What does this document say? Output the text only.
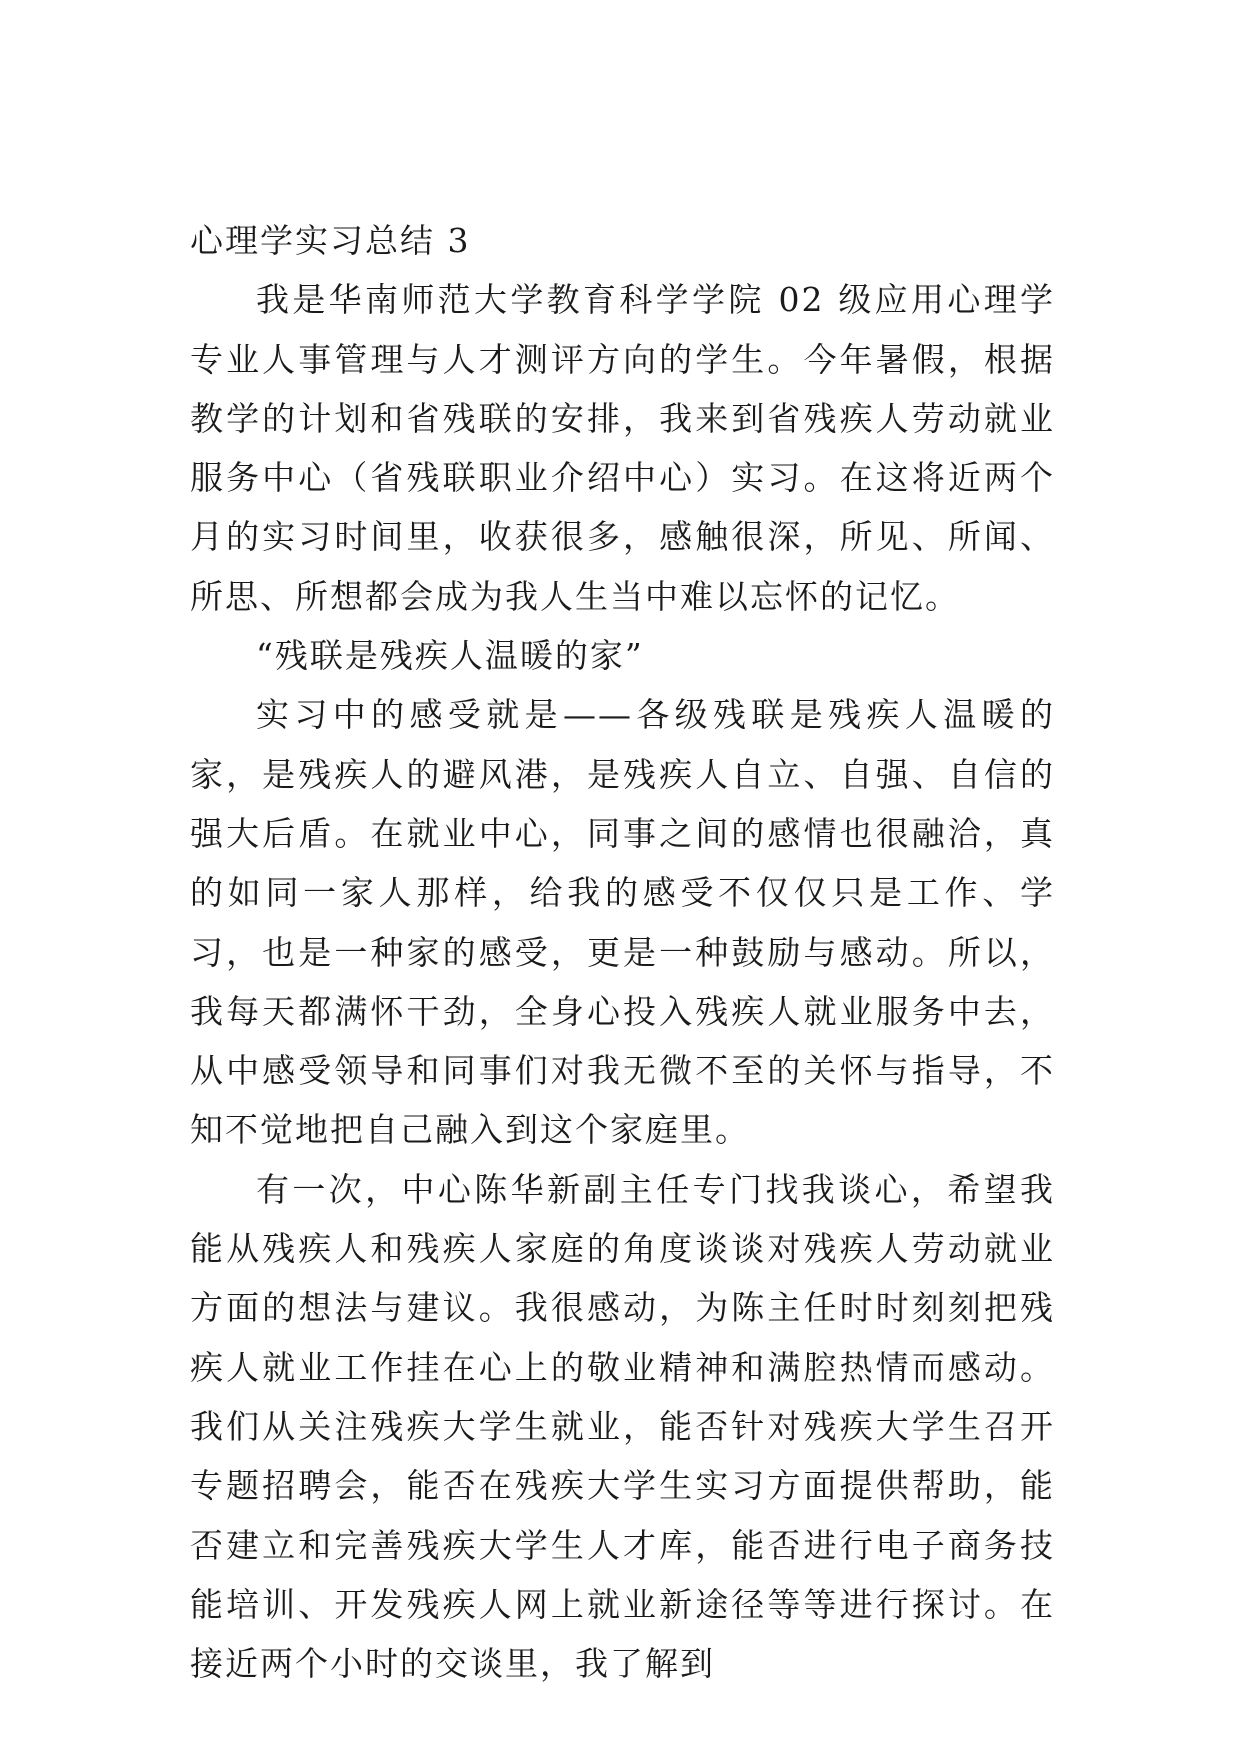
心理学实习总结 3

我是华南师范大学教育科学学院 02 级应用心理学专业人事管理与人才测评方向的学生。今年暑假，根据教学的计划和省残联的安排，我来到省残疾人劳动就业服务中心（省残联职业介绍中心）实习。在这将近两个月的实习时间里，收获很多，感触很深，所见、所闻、所思、所想都会成为我人生当中难以忘怀的记忆。

“残联是残疾人温暖的家”

实习中的感受就是——各级残联是残疾人温暖的家，是残疾人的避风港，是残疾人自立、自强、自信的强大后盾。在就业中心，同事之间的感情也很融洽，真的如同一家人那样，给我的感受不仅仅只是工作、学习，也是一种家的感受，更是一种鼓励与感动。所以，我每天都满怀干劲，全身心投入残疾人就业服务中去，从中感受领导和同事们对我无微不至的关怀与指导，不知不觉地把自己融入到这个家庭里。

有一次，中心陈华新副主任专门找我谈心，希望我能从残疾人和残疾人家庭的角度谈谈对残疾人劳动就业方面的想法与建议。我很感动，为陈主任时时刻刻把残疾人就业工作挂在心上的敬业精神和满腔热情而感动。我们从关注残疾大学生就业，能否针对残疾大学生召开专题招聘会，能否在残疾大学生实习方面提供帮助，能否建立和完善残疾大学生人才库，能否进行电子商务技能培训、开发残疾人网上就业新途径等等进行探讨。在接近两个小时的交谈里，我了解到
